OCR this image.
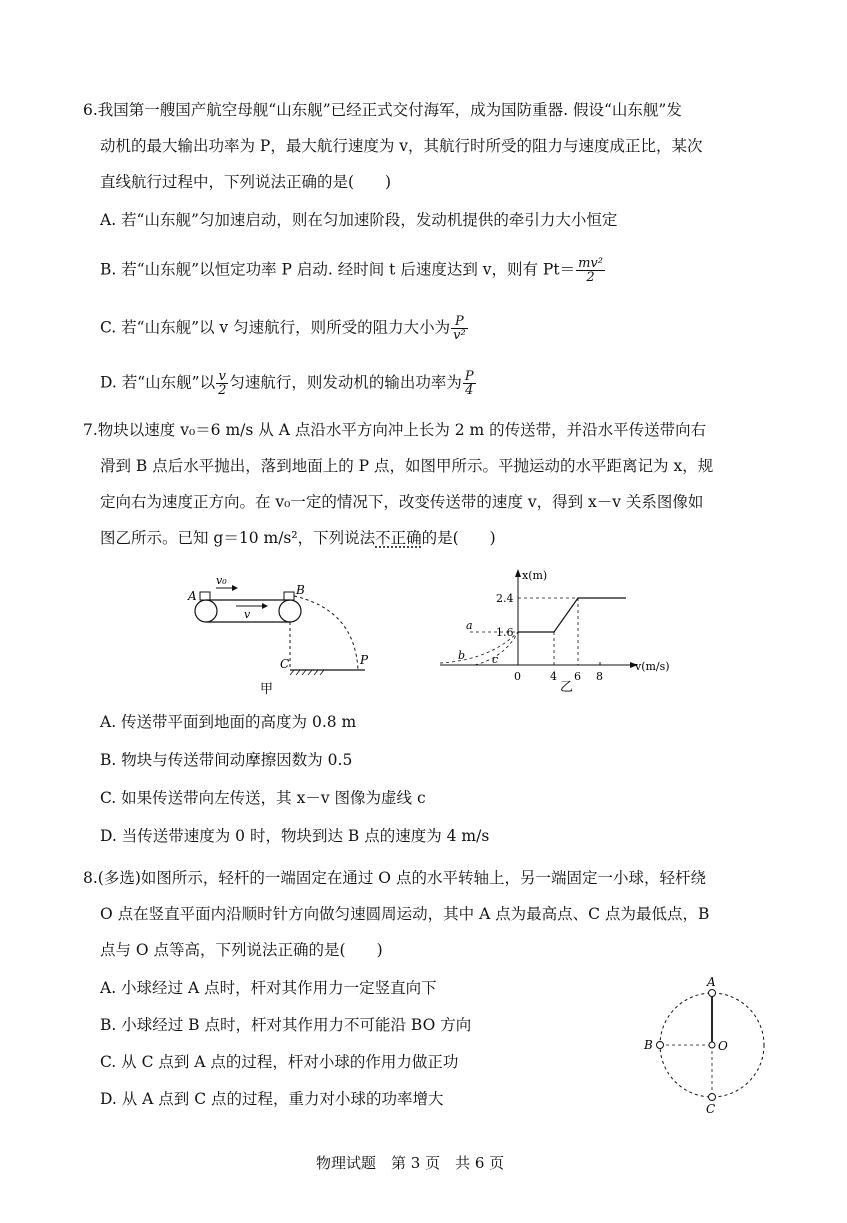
6.我国第一艘国产航空母舰“山东舰”已经正式交付海军，成为国防重器. 假设“山东舰”发
动机的最大输出功率为 P，最大航行速度为 v，其航行时所受的阻力与速度成正比，某次
直线航行过程中，下列说法正确的是(　　)
A. 若“山东舰”匀加速启动，则在匀加速阶段，发动机提供的牵引力大小恒定
B. 若“山东舰”以恒定功率 P 启动. 经时间 t 后速度达到 v，则有 $Pt= \frac{\text{mv²}}{2}$
C. 若“山东舰”以 v 匀速航行，则所受的阻力大小为 $\frac{P}{\text{v²}}$
D. 若“山东舰”以 $\frac{v}{2}$ 匀速航行，则发动机的输出功率为 $\frac{P}{4}$
7.物块以速度 v₀＝6 m/s 从 A 点沿水平方向冲上长为 2 m 的传送带，并沿水平传送带向右
滑到 B 点后水平抛出，落到地面上的 P 点，如图甲所示。平抛运动的水平距离记为 x，规
定向右为速度正方向。在 v₀一定的情况下，改变传送带的速度 v，得到 x－v 关系图像如
图乙所示。已知 g＝10 m/s²，下列说法不正确的是(　　)
v₀
A	B
v
C	P
甲
x(m)
v(m/s)
a
b c
1.6
2.4
0	4 6 8
乙
A. 传送带平面到地面的高度为 0.8 m
B. 物块与传送带间动摩擦因数为 0.5
C. 如果传送带向左传送，其 x－v 图像为虚线 c
D. 当传送带速度为 0 时，物块到达 B 点的速度为 4 m/s
8.(多选)如图所示，轻杆的一端固定在通过 O 点的水平转轴上，另一端固定一小球，轻杆绕
O 点在竖直平面内沿顺时针方向做匀速圆周运动，其中 A 点为最高点、C 点为最低点，B
点与 O 点等高，下列说法正确的是(　　)
A. 小球经过 A 点时，杆对其作用力一定竖直向下
B. 小球经过 B 点时，杆对其作用力不可能沿 BO 方向
C. 从 C 点到 A 点的过程，杆对小球的作用力做正功
D. 从 A 点到 C 点的过程，重力对小球的功率增大
A
B
C
O
物理试题　第 3 页　共 6 页
